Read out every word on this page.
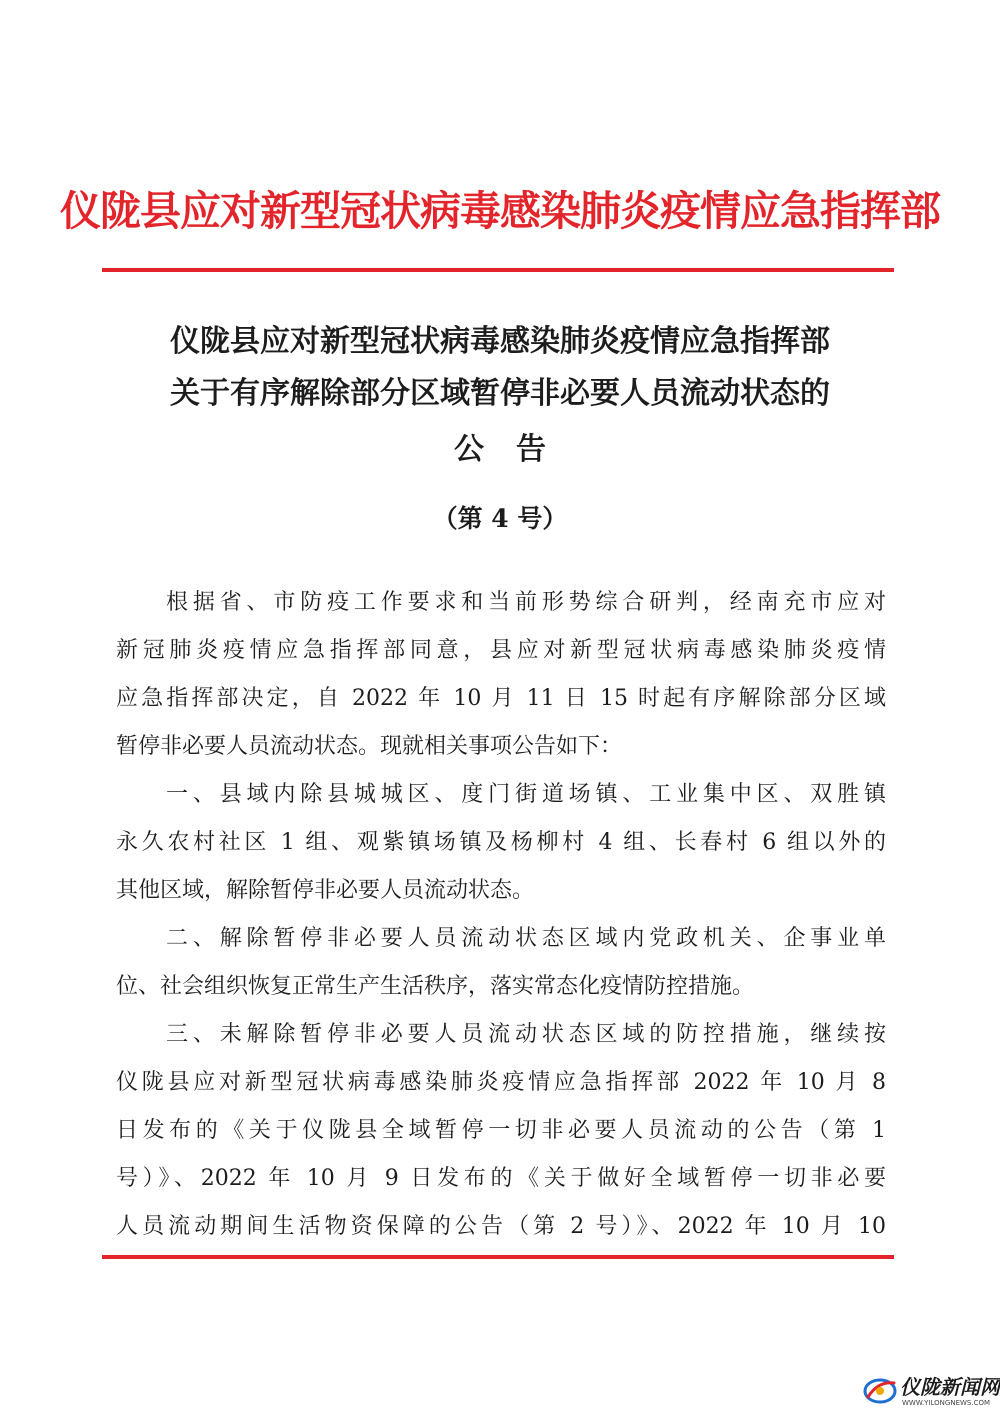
仪陇县应对新型冠状病毒感染肺炎疫情应急指挥部
仪陇县应对新型冠状病毒感染肺炎疫情应急指挥部
关于有序解除部分区域暂停非必要人员流动状态的
公告
（第 4 号）
根据省、市防疫工作要求和当前形势综合研判，经南充市应对
新冠肺炎疫情应急指挥部同意，县应对新型冠状病毒感染肺炎疫情
应急指挥部决定，自 2022 年 10 月 11 日 15 时起有序解除部分区域
暂停非必要人员流动状态。现就相关事项公告如下：
一、县域内除县城城区、度门街道场镇、工业集中区、双胜镇
永久农村社区 1 组、观紫镇场镇及杨柳村 4 组、长春村 6 组以外的
其他区域，解除暂停非必要人员流动状态。
二、解除暂停非必要人员流动状态区域内党政机关、企事业单
位、社会组织恢复正常生产生活秩序，落实常态化疫情防控措施。
三、未解除暂停非必要人员流动状态区域的防控措施，继续按
仪陇县应对新型冠状病毒感染肺炎疫情应急指挥部 2022 年 10 月 8
日发布的《关于仪陇县全域暂停一切非必要人员流动的公告（第 1
号）》、2022 年 10 月 9 日发布的《关于做好全域暂停一切非必要
人员流动期间生活物资保障的公告（第 2 号）》、2022 年 10 月 10
仪陇新闻网
WWW.YILONGNEWS.COM
